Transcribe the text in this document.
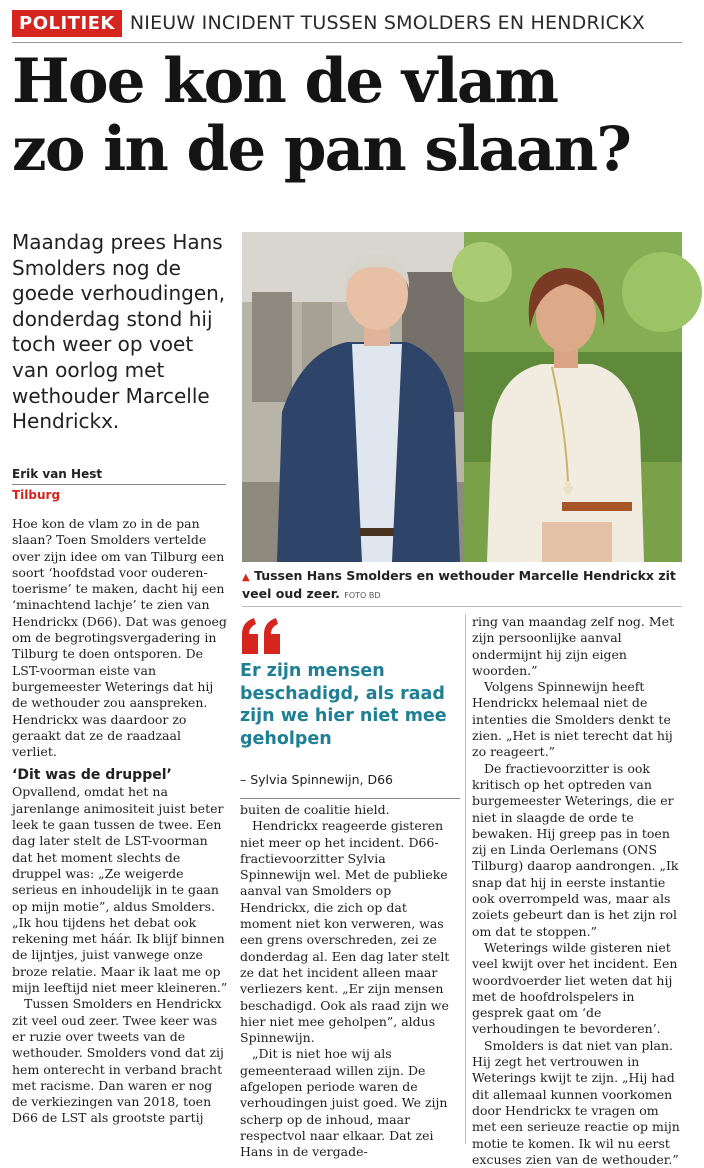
POLITIEK NIEUW INCIDENT TUSSEN SMOLDERS EN HENDRICKX
Hoe kon de vlam
zo in de pan slaan?
Maandag prees Hans Smolders nog de goede verhoudingen, donderdag stond hij toch weer op voet van oorlog met wethouder Marcelle Hendrickx.
Erik van Hest
Tilburg

Hoe kon de vlam zo in de pan slaan? Toen Smolders vertelde over zijn idee om van Tilburg een soort ‘hoofdstad voor ouderen-toerisme’ te maken, dacht hij een ‘minachtend lachje’ te zien van Hendrickx (D66). Dat was genoeg om de begrotingsvergadering in Tilburg te doen ontsporen. De LST-voorman eiste van burgemeester Weterings dat hij de wethouder zou aanspreken. Hendrickx was daardoor zo geraakt dat ze de raadzaal verliet.

‘Dit was de druppel’

Opvallend, omdat het na jarenlange animositeit juist beter leek te gaan tussen de twee. Een dag later stelt de LST-voorman dat het moment slechts de druppel was: „Ze weigerde serieus en inhoudelijk in te gaan op mijn motie”, aldus Smolders. „Ik hou tijdens het debat ook rekening met háár. Ik blijf binnen de lijntjes, juist vanwege onze broze relatie. Maar ik laat me op mijn leeftijd niet meer kleineren.”

Tussen Smolders en Hendrickx zit veel oud zeer. Twee keer was er ruzie over tweets van de wethouder. Smolders vond dat zij hem onterecht in verband bracht met racisme. Dan waren er nog de verkiezingen van 2018, toen D66 de LST als grootste partij

▲ Tussen Hans Smolders en wethouder Marcelle Hendrickx zit veel oud zeer. FOTO BD
Er zijn mensen beschadigd, als raad zijn we hier niet mee geholpen
– Sylvia Spinnewijn, D66

buiten de coalitie hield.

Hendrickx reageerde gisteren niet meer op het incident. D66-fractievoorzitter Sylvia Spinnewijn wel. Met de publieke aanval van Smolders op Hendrickx, die zich op dat moment niet kon verweren, was een grens overschreden, zei ze donderdag al. Een dag later stelt ze dat het incident alleen maar verliezers kent. „Er zijn mensen beschadigd. Ook als raad zijn we hier niet mee geholpen”, aldus Spinnewijn.

„Dit is niet hoe wij als gemeenteraad willen zijn. De afgelopen periode waren de verhoudingen juist goed. We zijn scherp op de inhoud, maar respectvol naar elkaar. Dat zei Hans in de vergade-

ring van maandag zelf nog. Met zijn persoonlijke aanval ondermijnt hij zijn eigen woorden.”

Volgens Spinnewijn heeft Hendrickx helemaal niet de intenties die Smolders denkt te zien. „Het is niet terecht dat hij zo reageert.”

De fractievoorzitter is ook kritisch op het optreden van burgemeester Weterings, die er niet in slaagde de orde te bewaken. Hij greep pas in toen zij en Linda Oerlemans (ONS Tilburg) daarop aandrongen. „Ik snap dat hij in eerste instantie ook overrompeld was, maar als zoiets gebeurt dan is het zijn rol om dat te stoppen.”

Weterings wilde gisteren niet veel kwijt over het incident. Een woordvoerder liet weten dat hij met de hoofdrolspelers in gesprek gaat om ‘de verhoudingen te bevorderen’.

Smolders is dat niet van plan. Hij zegt het vertrouwen in Weterings kwijt te zijn. „Hij had dit allemaal kunnen voorkomen door Hendrickx te vragen om met een serieuze reactie op mijn motie te komen. Ik wil nu eerst excuses zien van de wethouder.”
